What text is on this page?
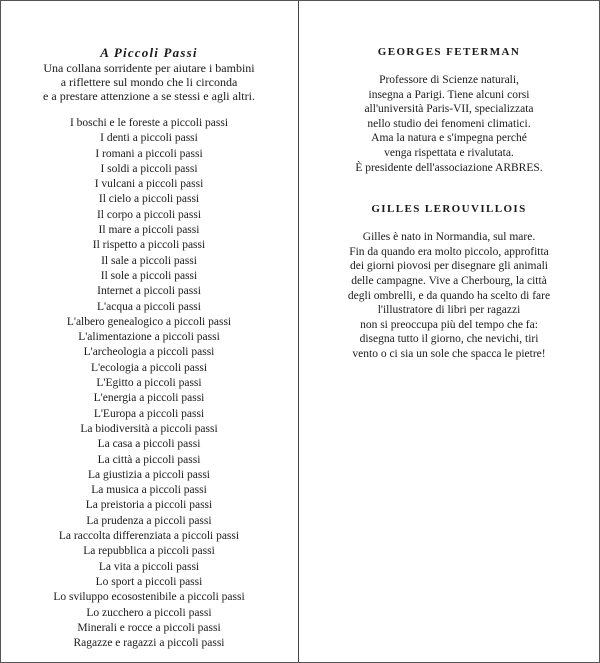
A Piccoli Passi

Una collana sorridente per aiutare i bambini
a riflettere sul mondo che li circonda
e a prestare attenzione a se stessi e agli altri.

I boschi e le foreste a piccoli passi
I denti a piccoli passi
I romani a piccoli passi
I soldi a piccoli passi
I vulcani a piccoli passi
Il cielo a piccoli passi
Il corpo a piccoli passi
Il mare a piccoli passi
Il rispetto a piccoli passi
Il sale a piccoli passi
Il sole a piccoli passi
Internet a piccoli passi
L'acqua a piccoli passi
L'albero genealogico a piccoli passi
L'alimentazione a piccoli passi
L'archeologia a piccoli passi
L'ecologia a piccoli passi
L'Egitto a piccoli passi
L'energia a piccoli passi
L'Europa a piccoli passi
La biodiversità a piccoli passi
La casa a piccoli passi
La città a piccoli passi
La giustizia a piccoli passi
La musica a piccoli passi
La preistoria a piccoli passi
La prudenza a piccoli passi
La raccolta differenziata a piccoli passi
La repubblica a piccoli passi
La vita a piccoli passi
Lo sport a piccoli passi
Lo sviluppo ecosostenibile a piccoli passi
Lo zucchero a piccoli passi
Minerali e rocce a piccoli passi
Ragazze e ragazzi a piccoli passi
GEORGES FETERMAN

Professore di Scienze naturali,
insegna a Parigi. Tiene alcuni corsi
all'università Paris-VII, specializzata
nello studio dei fenomeni climatici.
Ama la natura e s'impegna perché
venga rispettata e rivalutata.
È presidente dell'associazione ARBRES.

GILLES LEROUVILLOIS

Gilles è nato in Normandia, sul mare.
Fin da quando era molto piccolo, approfitta
dei giorni piovosi per disegnare gli animali
delle campagne. Vive a Cherbourg, la città
degli ombrelli, e da quando ha scelto di fare
l'illustratore di libri per ragazzi
non si preoccupa più del tempo che fa:
disegna tutto il giorno, che nevichi, tiri
vento o ci sia un sole che spacca le pietre!
